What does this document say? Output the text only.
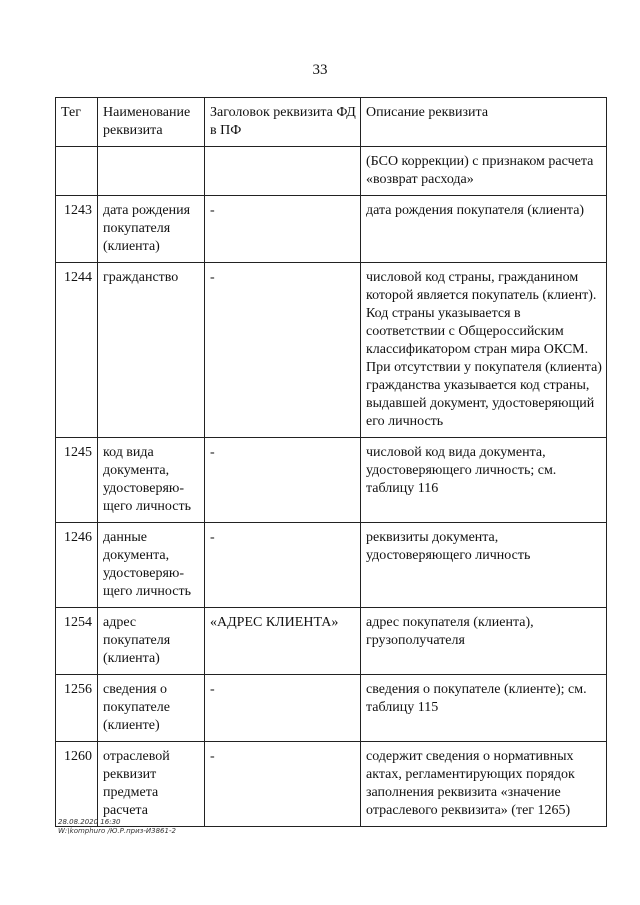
33
Тег	Наименование реквизита	Заголовок реквизита ФД в ПФ	Описание реквизита
			(БСО коррекции) с признаком расчета «возврат расхода»
1243	дата рождения покупателя (клиента)	-	дата рождения покупателя (клиента)
1244	гражданство	-	числовой код страны, гражданином которой является покупатель (клиент). Код страны указывается в соответствии с Общероссийским классификатором стран мира ОКСМ. При отсутствии у покупателя (клиента) гражданства указывается код страны, выдавшей документ, удостоверяющий его личность
1245	код вида документа, удостоверяю-щего личность	-	числовой код вида документа, удостоверяющего личность; см. таблицу 116
1246	данные документа, удостоверяю-щего личность	-	реквизиты документа, удостоверяющего личность
1254	адрес покупателя (клиента)	«АДРЕС КЛИЕНТА»	адрес покупателя (клиента), грузополучателя
1256	сведения о покупателе (клиенте)	-	сведения о покупателе (клиенте); см. таблицу 115
1260	отраслевой реквизит предмета расчета	-	содержит сведения о нормативных актах, регламентирующих порядок заполнения реквизита «значение отраслевого реквизита» (тег 1265)
28.08.2020 16:30
W:\komphuro /Ю.Р.приз-И3861-2
